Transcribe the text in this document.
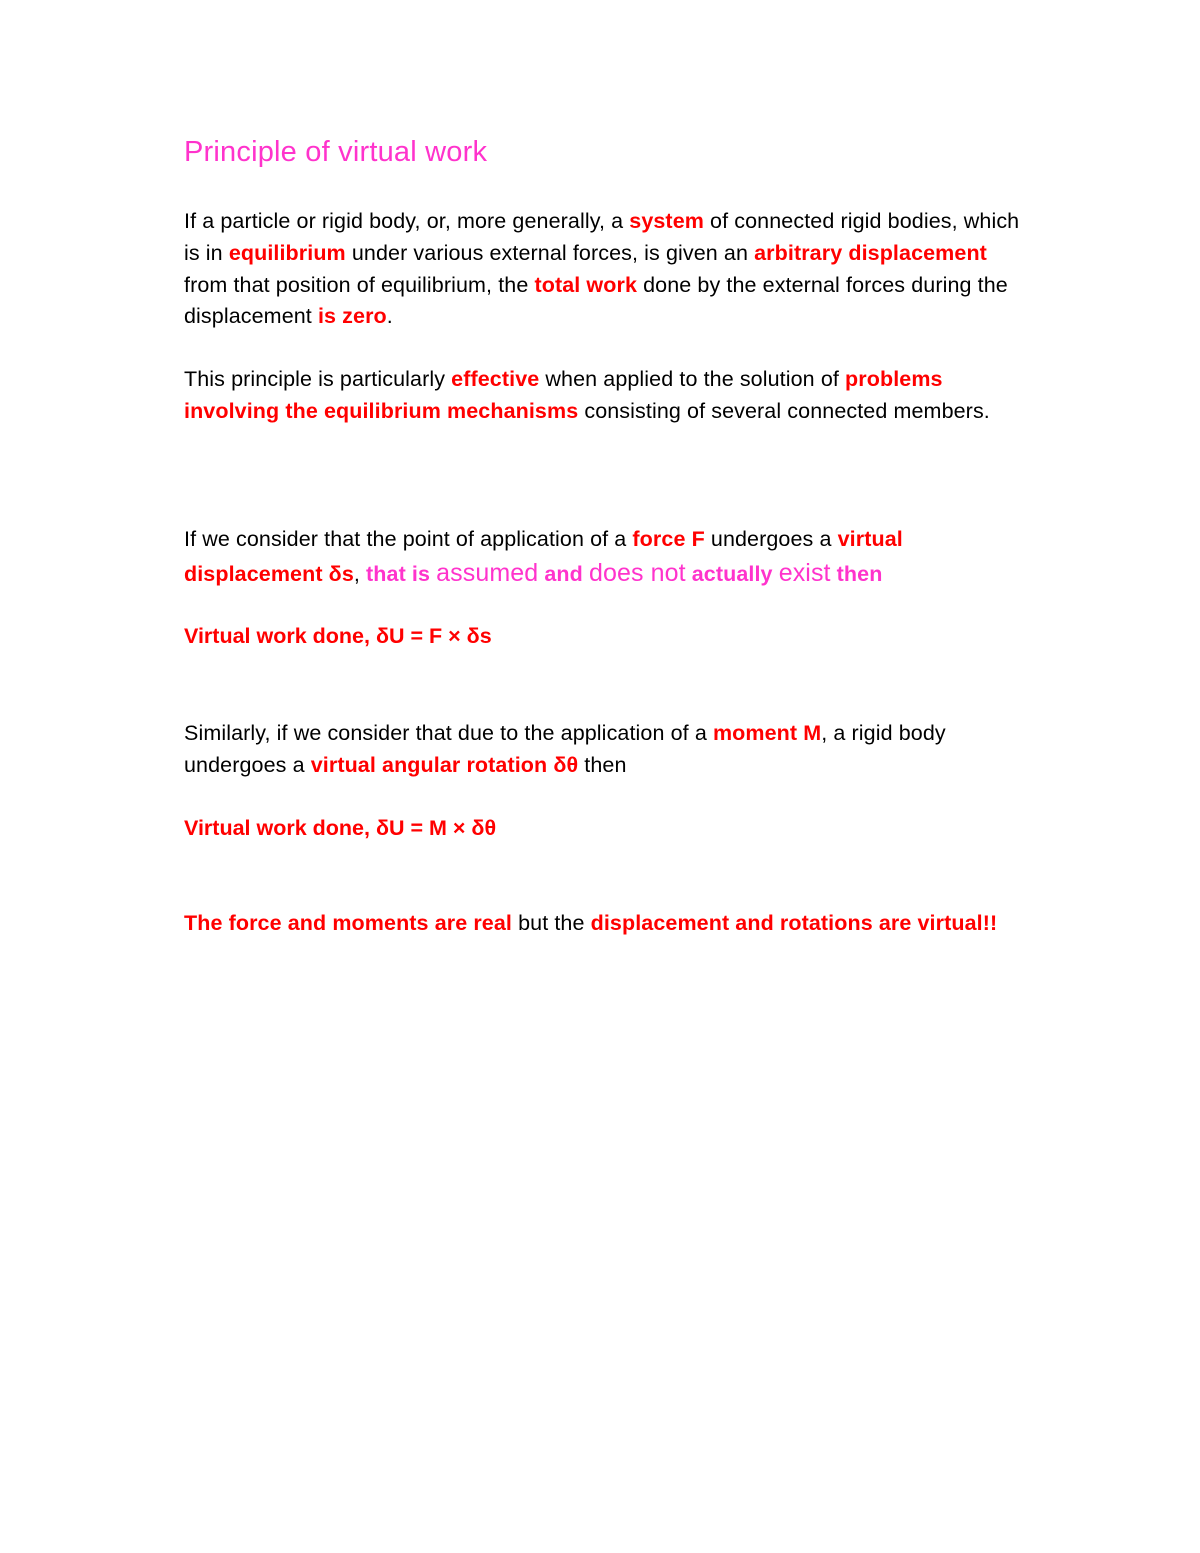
Principle of virtual work

If a particle or rigid body, or, more generally, a system of connected rigid bodies, which is in equilibrium under various external forces, is given an arbitrary displacement from that position of equilibrium, the total work done by the external forces during the displacement is zero.

This principle is particularly effective when applied to the solution of problems involving the equilibrium mechanisms consisting of several connected members.

If we consider that the point of application of a force F undergoes a virtual displacement δs, that is assumed and does not actually exist then

Virtual work done, δU = F × δs

Similarly, if we consider that due to the application of a moment M, a rigid body undergoes a virtual angular rotation δθ then

Virtual work done, δU = M × δθ

The force and moments are real but the displacement and rotations are virtual!!
